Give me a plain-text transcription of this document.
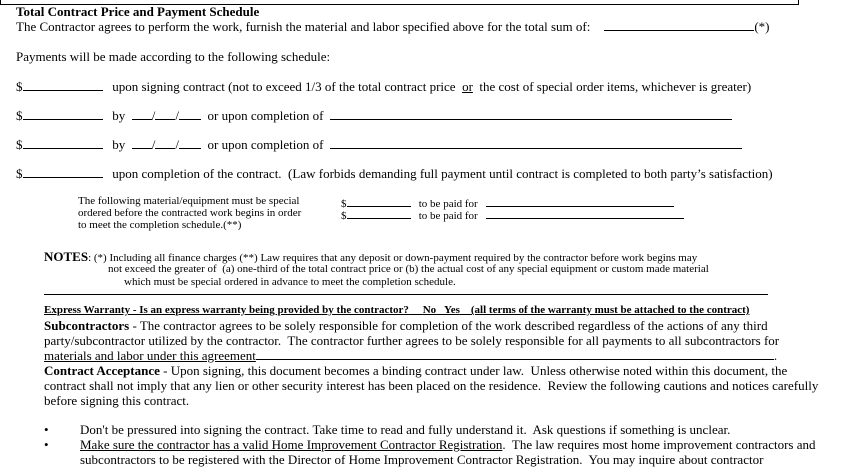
Total Contract Price and Payment Schedule
The Contractor agrees to perform the work, furnish the material and labor specified above for the total sum of:	(*)
Payments will be made according to the following schedule:
$	upon signing contract (not to exceed 1/3 of the total contract price or the cost of special order items, whichever is greater)
$	by / / or upon completion of
$	by / / or upon completion of
$	upon completion of the contract.  (Law forbids demanding full payment until contract is completed to both party’s satisfaction)
The following material/equipment must be special
ordered before the contracted work begins in order
to meet the completion schedule.(**)
$	to be paid for
$	to be paid for
NOTES: (*) Including all finance charges (**) Law requires that any deposit or down-payment required by the contractor before work begins may
not exceed the greater of  (a) one-third of the total contract price or (b) the actual cost of any special equipment or custom made material
which must be special ordered in advance to meet the completion schedule.
Express Warranty - Is an express warranty being provided by the contractor? No Yes (all terms of the warranty must be attached to the contract)
Subcontractors - The contractor agrees to be solely responsible for completion of the work described regardless of the actions of any third
party/subcontractor utilized by the contractor.  The contractor further agrees to be solely responsible for all payments to all subcontractors for
materials and labor under this agreement	.
Contract Acceptance - Upon signing, this document becomes a binding contract under law.  Unless otherwise noted within this document, the
contract shall not imply that any lien or other security interest has been placed on the residence.  Review the following cautions and notices carefully
before signing this contract.
• Don't be pressured into signing the contract. Take time to read and fully understand it.  Ask questions if something is unclear.
• Make sure the contractor has a valid Home Improvement Contractor Registration.  The law requires most home improvement contractors and
subcontractors to be registered with the Director of Home Improvement Contractor Registration.  You may inquire about contractor
